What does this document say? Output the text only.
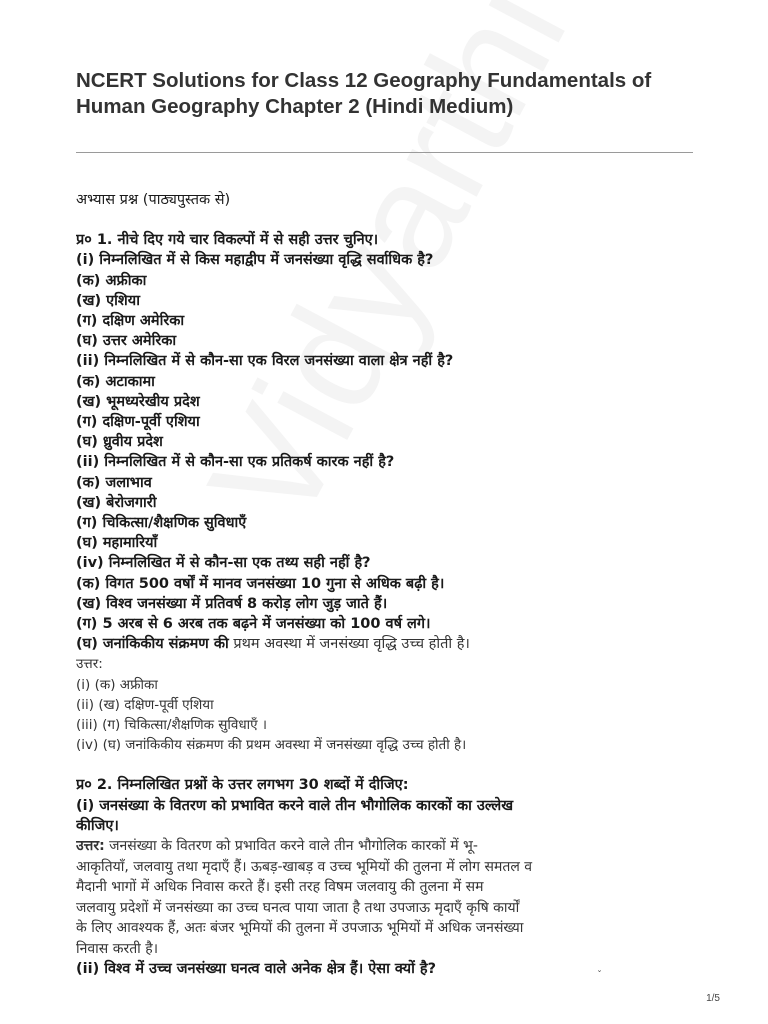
NCERT Solutions for Class 12 Geography Fundamentals of Human Geography Chapter 2 (Hindi Medium)
अभ्यास प्रश्न (पाठ्यपुस्तक से)
प्र० 1. नीचे दिए गये चार विकल्पों में से सही उत्तर चुनिए।
(i) निम्नलिखित में से किस महाद्वीप में जनसंख्या वृद्धि सर्वाधिक है?
(क) अफ्रीका
(ख) एशिया
(ग) दक्षिण अमेरिका
(घ) उत्तर अमेरिका
(ii) निम्नलिखित में से कौन-सा एक विरल जनसंख्या वाला क्षेत्र नहीं है?
(क) अटाकामा
(ख) भूमध्यरेखीय प्रदेश
(ग) दक्षिण-पूर्वी एशिया
(घ) ध्रुवीय प्रदेश
(ii) निम्नलिखित में से कौन-सा एक प्रतिकर्ष कारक नहीं है?
(क) जलाभाव
(ख) बेरोजगारी
(ग) चिकित्सा/शैक्षणिक सुविधाएँ
(घ) महामारियाँ
(iv) निम्नलिखित में से कौन-सा एक तथ्य सही नहीं है?
(क) विगत 500 वर्षों में मानव जनसंख्या 10 गुना से अधिक बढ़ी है।
(ख) विश्व जनसंख्या में प्रतिवर्ष 8 करोड़ लोग जुड़ जाते हैं।
(ग) 5 अरब से 6 अरब तक बढ़ने में जनसंख्या को 100 वर्ष लगे।
(घ) जनांकिकीय संक्रमण की प्रथम अवस्था में जनसंख्या वृद्धि उच्च होती है।
उत्तर:
(i) (क) अफ्रीका
(ii) (ख) दक्षिण-पूर्वी एशिया
(iii) (ग) चिकित्सा/शैक्षणिक सुविधाएँ ।
(iv) (घ) जनांकिकीय संक्रमण की प्रथम अवस्था में जनसंख्या वृद्धि उच्च होती है।
प्र० 2. निम्नलिखित प्रश्नों के उत्तर लगभग 30 शब्दों में दीजिए:
(i) जनसंख्या के वितरण को प्रभावित करने वाले तीन भौगोलिक कारकों का उल्लेख
कीजिए।
उत्तर: जनसंख्या के वितरण को प्रभावित करने वाले तीन भौगोलिक कारकों में भू-
आकृतियाँ, जलवायु तथा मृदाएँ हैं। ऊबड़-खाबड़ व उच्च भूमियों की तुलना में लोग समतल व
मैदानी भागों में अधिक निवास करते हैं। इसी तरह विषम जलवायु की तुलना में सम
जलवायु प्रदेशों में जनसंख्या का उच्च घनत्व पाया जाता है तथा उपजाऊ मृदाएँ कृषि कार्यों
के लिए आवश्यक हैं, अतः बंजर भूमियों की तुलना में उपजाऊ भूमियों में अधिक जनसंख्या
निवास करती है।
(ii) विश्व में उच्च जनसंख्या घनत्व वाले अनेक क्षेत्र हैं। ऐसा क्यों है?	ˇ
1/5
